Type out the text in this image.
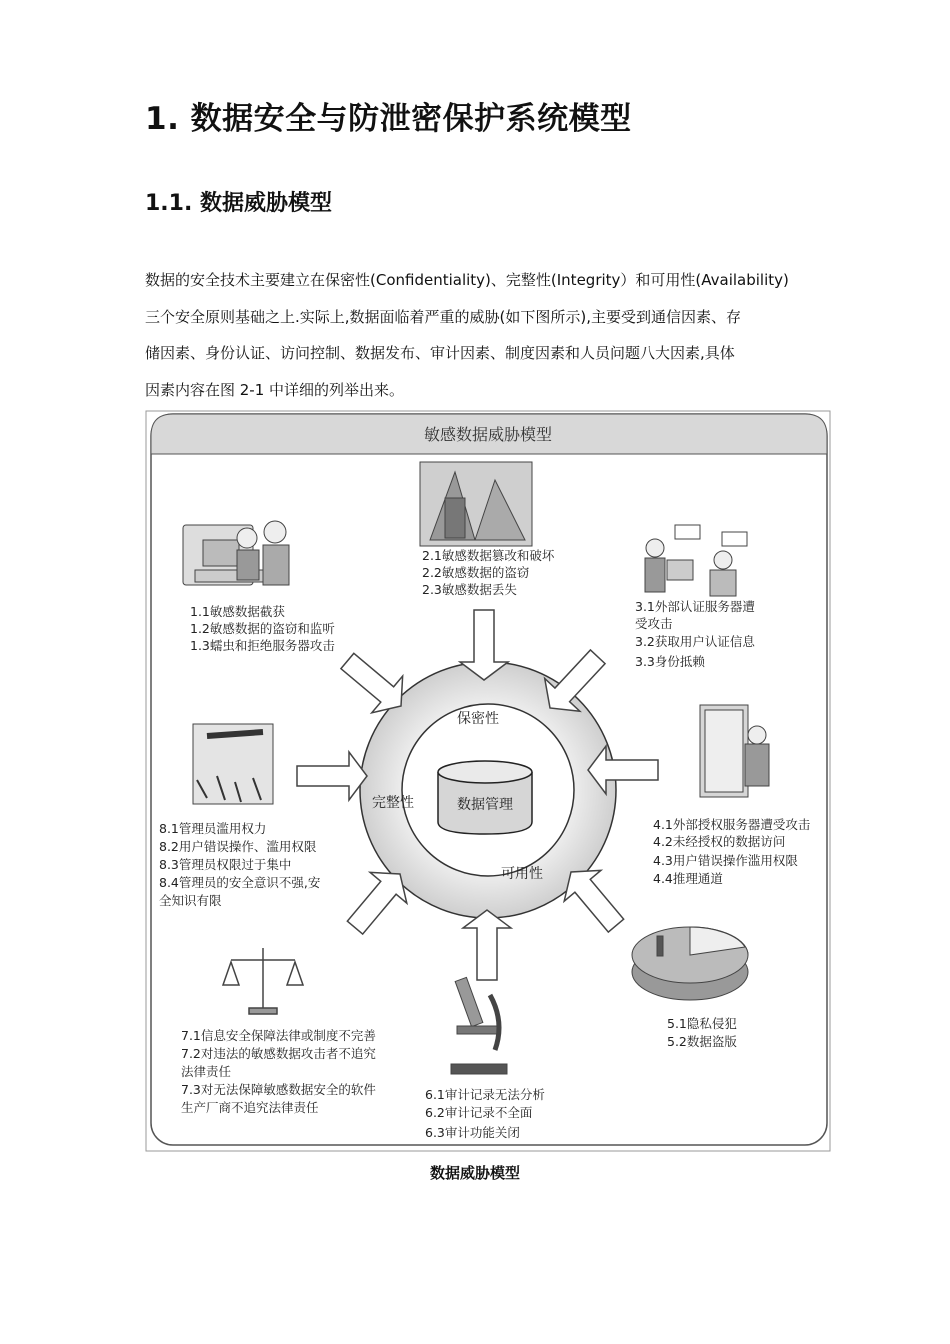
1. 数据安全与防泄密保护系统模型
1.1. 数据威胁模型
数据的安全技术主要建立在保密性(Confidentiality)、完整性(Integrity）和可用性(Availability)
三个安全原则基础之上.实际上,数据面临着严重的威胁(如下图所示),主要受到通信因素、存
储因素、身份认证、访问控制、数据发布、审计因素、制度因素和人员问题八大因素,具体
因素内容在图 2-1 中详细的列举出来。
敏感数据威胁模型
保密性
完整性
可用性
数据管理
1.1敏感数据截获 1.2敏感数据的盗窃和监听 1.3蠕虫和拒绝服务器攻击
2.1敏感数据篡改和破坏 2.2敏感数据的盗窃 2.3敏感数据丢失
3.1外部认证服务器遭 受攻击 3.2获取用户认证信息 3.3身份抵赖
4.1外部授权服务器遭受攻击 4.2未经授权的数据访问 4.3用户错误操作滥用权限 4.4推理通道
5.1隐私侵犯 5.2数据盗版
6.1审计记录无法分析 6.2审计记录不全面 6.3审计功能关闭
7.1信息安全保障法律或制度不完善 7.2对违法的敏感数据攻击者不追究 法律责任 7.3对无法保障敏感数据安全的软件 生产厂商不追究法律责任
8.1管理员滥用权力 8.2用户错误操作、滥用权限 8.3管理员权限过于集中 8.4管理员的安全意识不强,安 全知识有限
数据威胁模型
